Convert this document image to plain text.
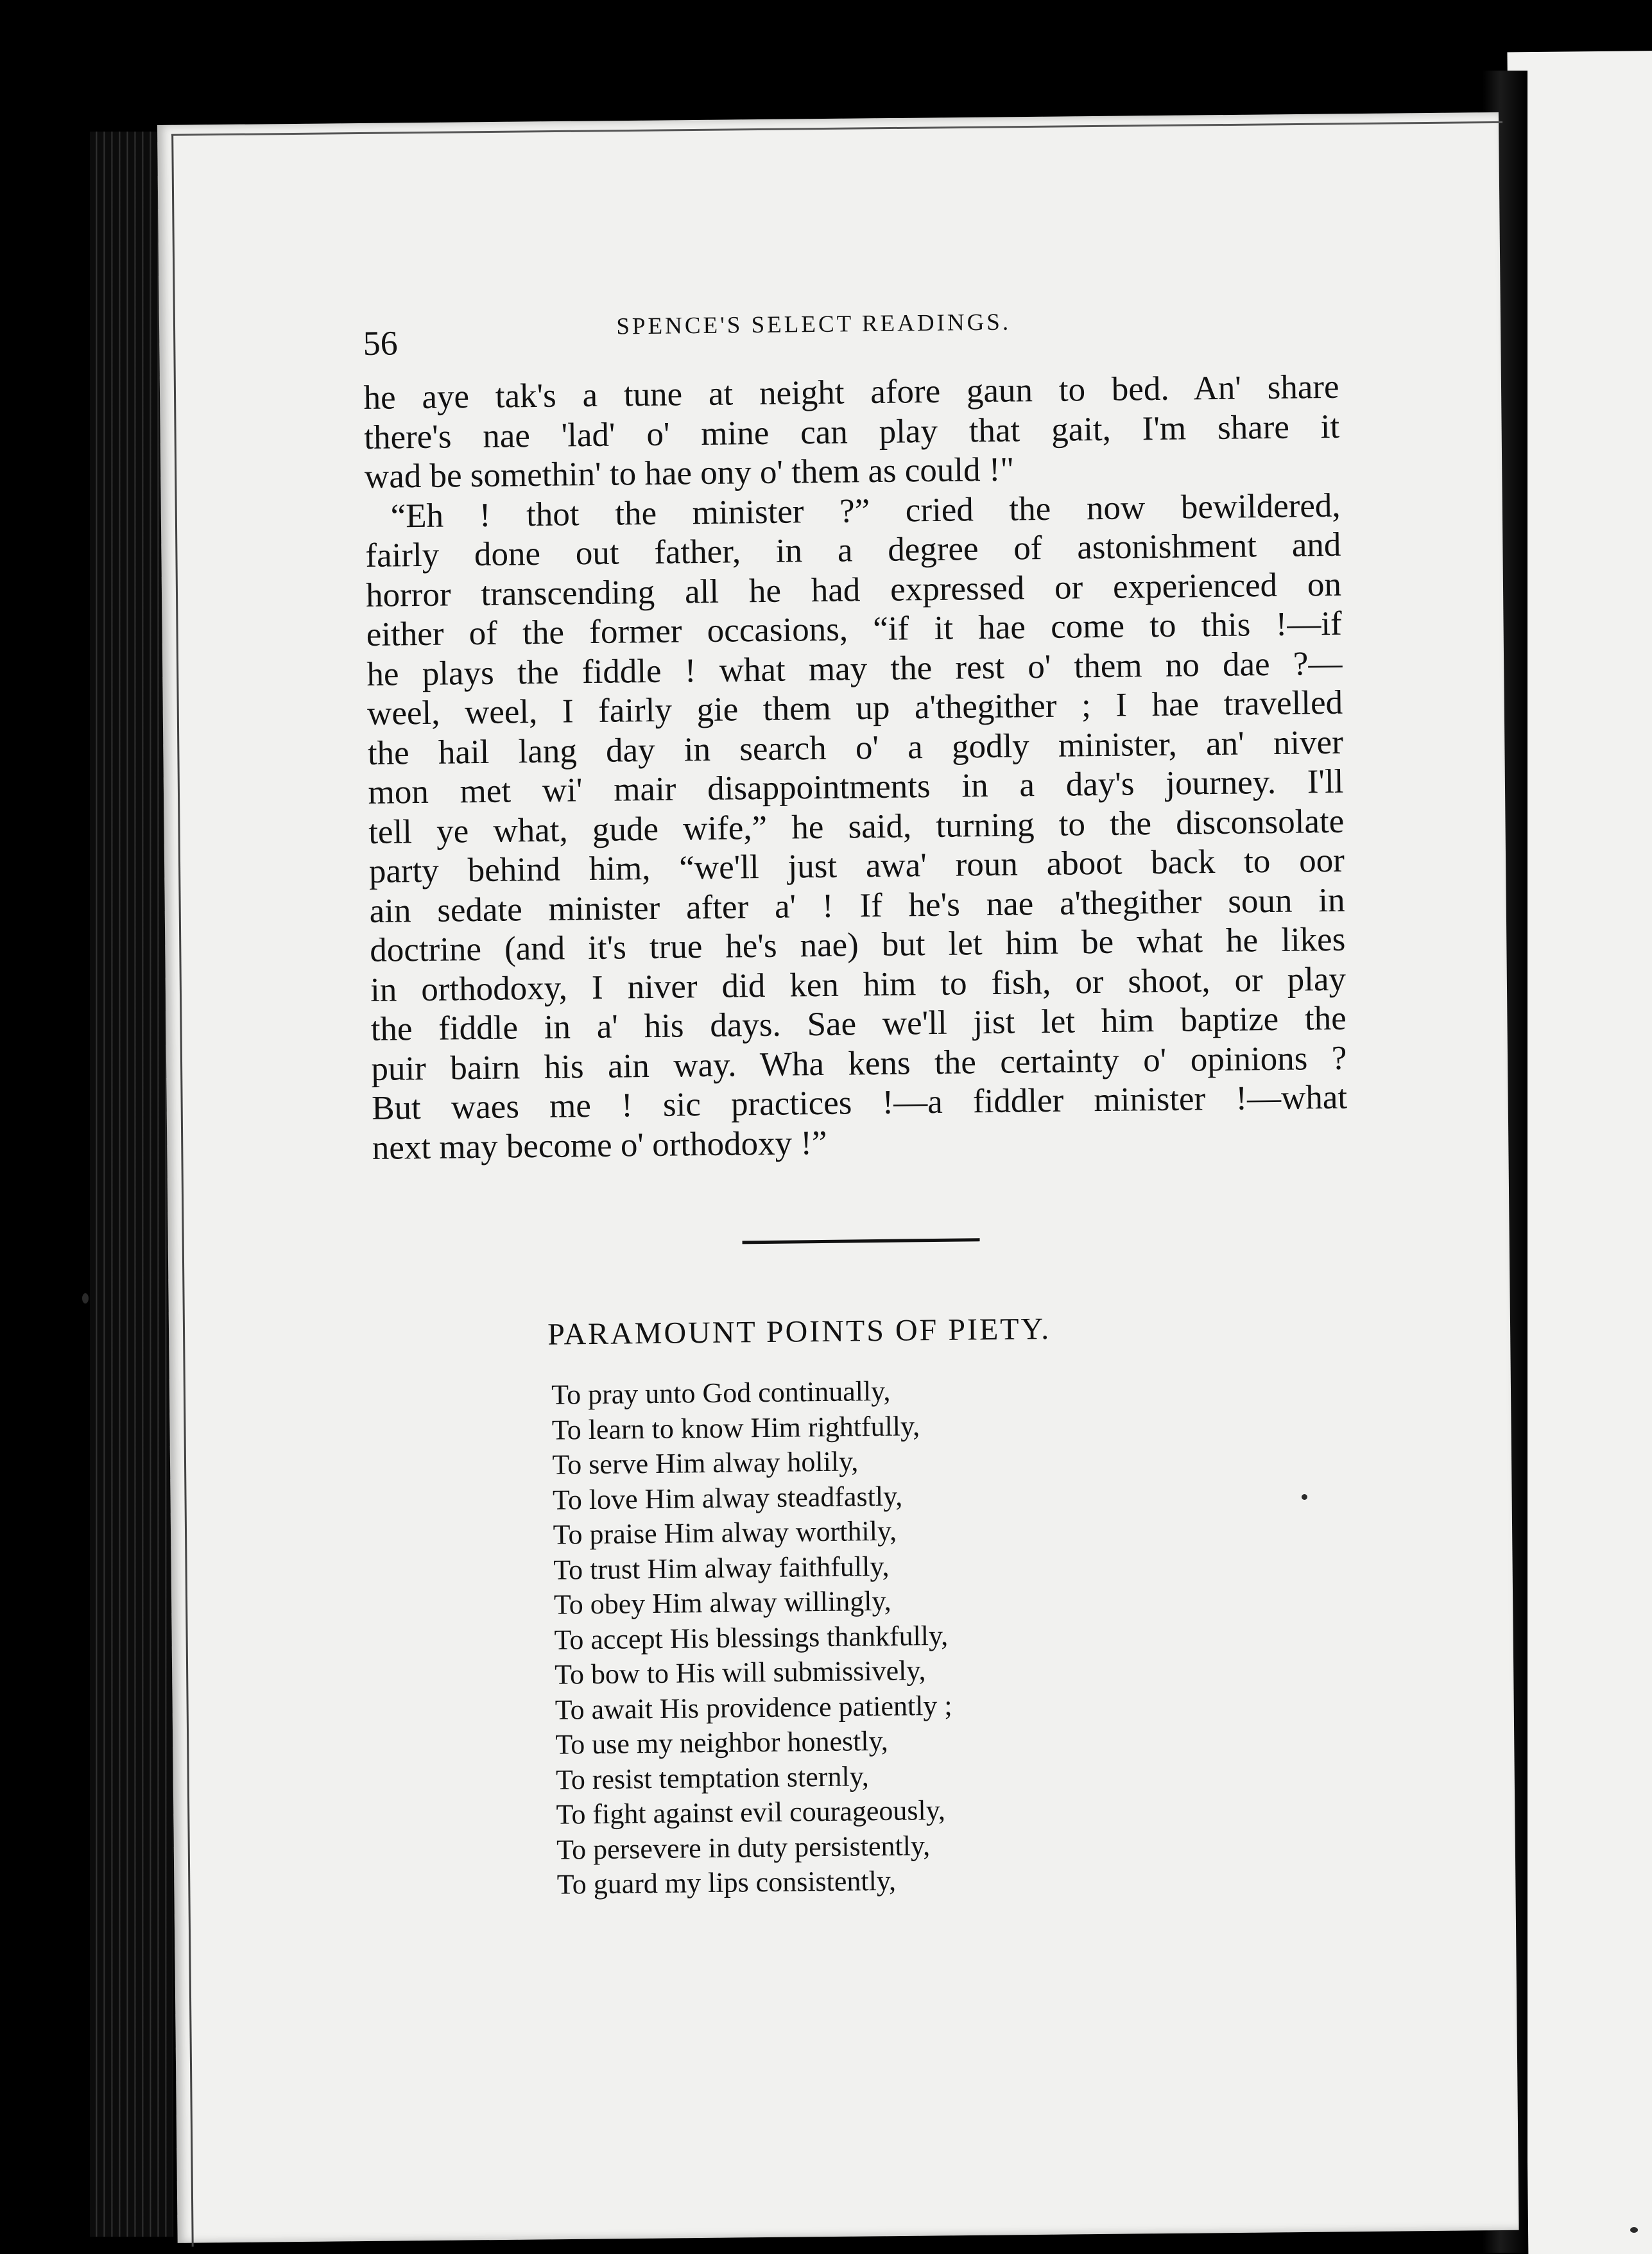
56	SPENCE'S SELECT READINGS.

he aye tak's a tune at neight afore gaun to bed. An' share
there's nae 'lad' o' mine can play that gait, I'm share it
wad be somethin' to hae ony o' them as could !"
“Eh ! thot the minister ?” cried the now bewildered,
fairly done out father, in a degree of astonishment and
horror transcending all he had expressed or experienced on
either of the former occasions, “if it hae come to this !—if
he plays the fiddle ! what may the rest o' them no dae ?—
weel, weel, I fairly gie them up a'thegither ; I hae travelled
the hail lang day in search o' a godly minister, an' niver
mon met wi' mair disappointments in a day's journey. I'll
tell ye what, gude wife,” he said, turning to the disconsolate
party behind him, “we'll just awa' roun aboot back to oor
ain sedate minister after a' ! If he's nae a'thegither soun in
doctrine (and it's true he's nae) but let him be what he likes
in orthodoxy, I niver did ken him to fish, or shoot, or play
the fiddle in a' his days. Sae we'll jist let him baptize the
puir bairn his ain way. Wha kens the certainty o' opinions ?
But waes me ! sic practices !—a fiddler minister !—what
next may become o' orthodoxy !”

PARAMOUNT POINTS OF PIETY.
To pray unto God continually,
To learn to know Him rightfully,
To serve Him alway holily,
To love Him alway steadfastly,
To praise Him alway worthily,
To trust Him alway faithfully,
To obey Him alway willingly,
To accept His blessings thankfully,
To bow to His will submissively,
To await His providence patiently ;
To use my neighbor honestly,
To resist temptation sternly,
To fight against evil courageously,
To persevere in duty persistently,
To guard my lips consistently,
